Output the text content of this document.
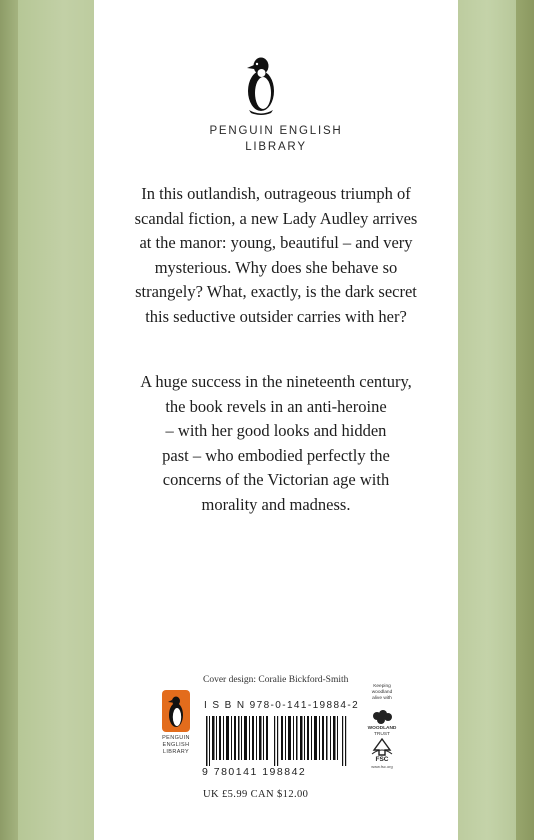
PENGUIN ENGLISH
LIBRARY
In this outlandish, outrageous triumph of
scandal fiction, a new Lady Audley arrives
at the manor: young, beautiful – and very
mysterious. Why does she behave so
strangely? What, exactly, is the dark secret
this seductive outsider carries with her?
A huge success in the nineteenth century,
the book revels in an anti-heroine
– with her good looks and hidden
past – who embodied perfectly the
concerns of the Victorian age with
morality and madness.
Cover design: Coralie Bickford-Smith
PENGUIN
ENGLISH
LIBRARY
I S B N 978-0-141-19884-2
9 780141 198842
Keeping
woodland
alive with
WOODLAND
TRUST
FSC
www.fsc.org
UK £5.99 CAN $12.00
